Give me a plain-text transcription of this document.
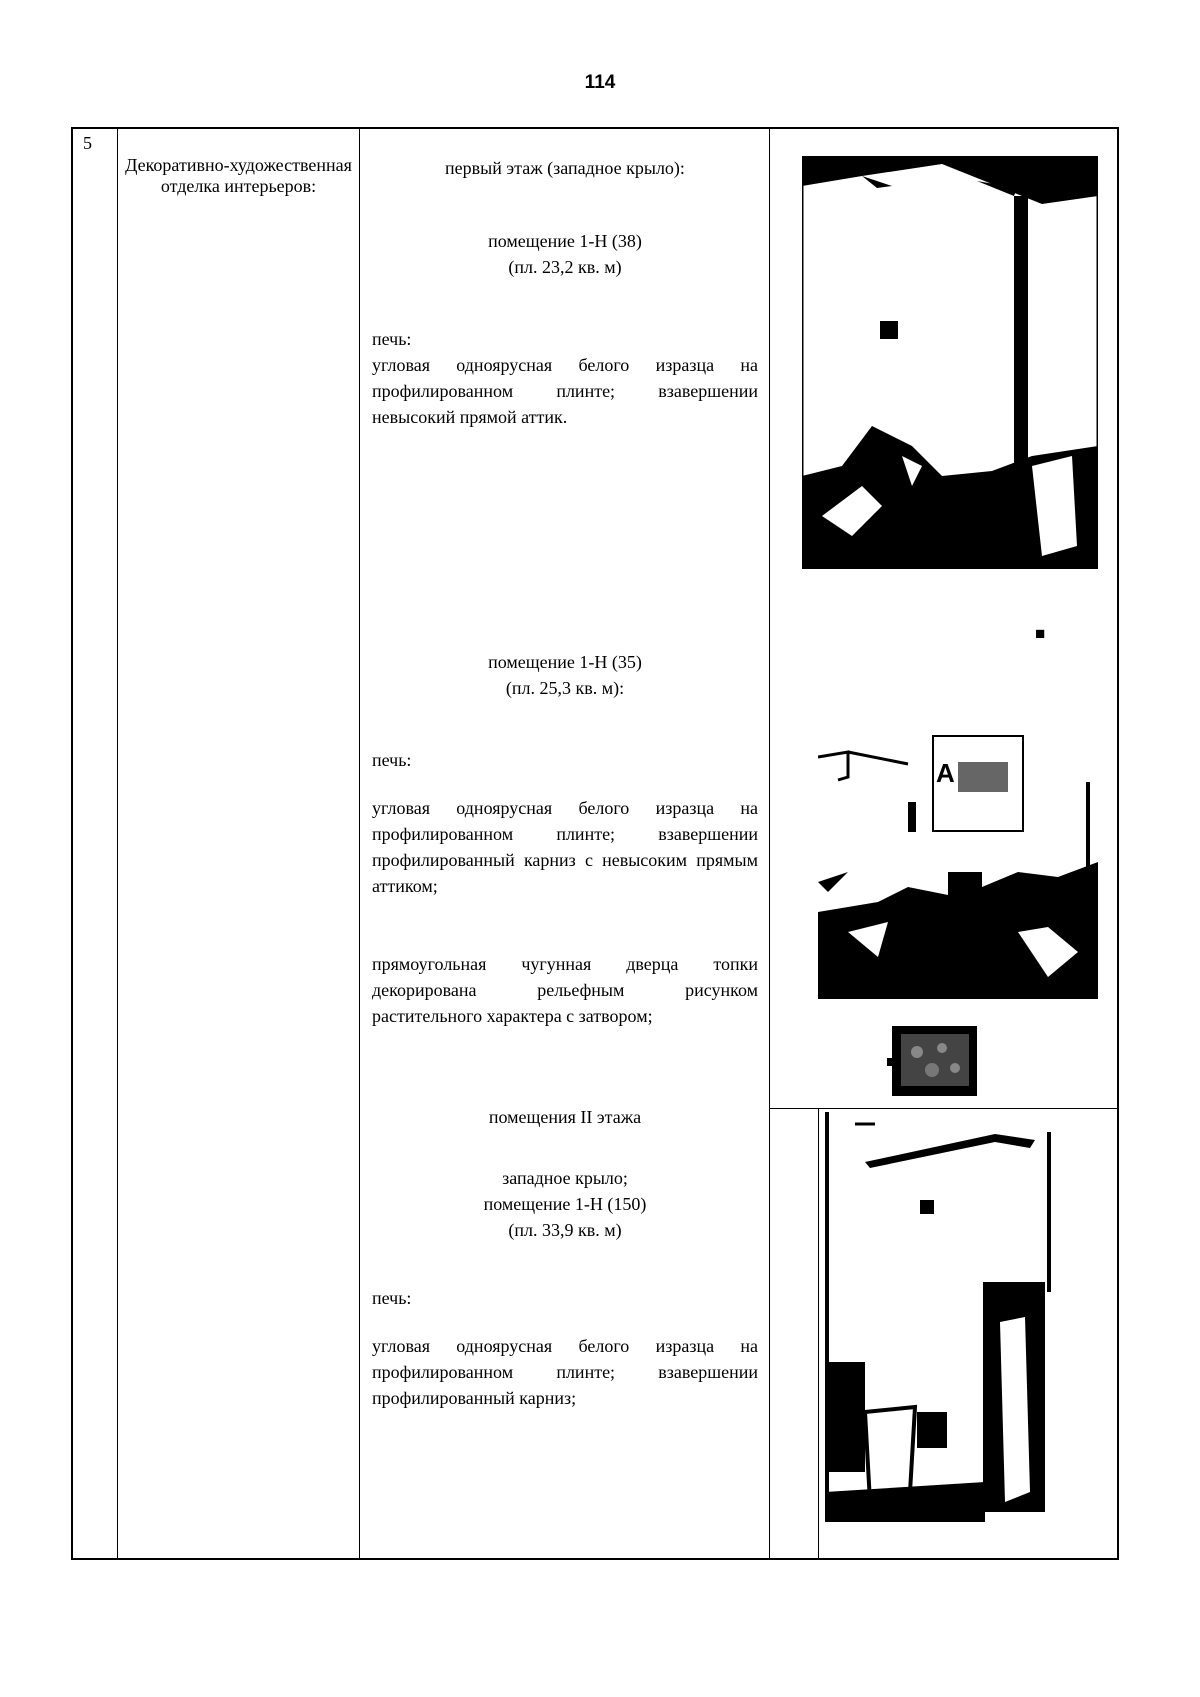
114
5
Декоративно-художественная отделка интерьеров:
первый этаж (западное крыло):
помещение 1-Н (38)
(пл. 23,2 кв. м)
печь:
угловая одноярусная белого изразца на профилированном плинте; взавершении невысокий прямой аттик.
помещение 1-Н (35)
(пл. 25,3 кв. м):
печь:
угловая одноярусная белого изразца на профилированном плинте; взавершении профилированный карниз с невысоким прямым аттиком;
прямоугольная чугунная дверца топки декорирована рельефным рисунком растительного характера с затвором;
помещения II этажа
западное крыло;
помещение 1-Н (150)
(пл. 33,9 кв. м)
печь:
угловая одноярусная белого изразца на профилированном плинте; взавершении профилированный карниз;
■
A
